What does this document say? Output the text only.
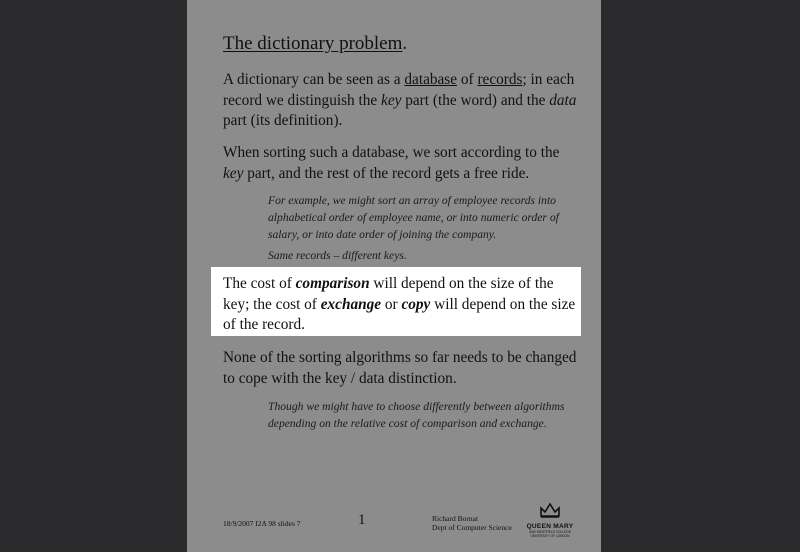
The dictionary problem.
A dictionary can be seen as a database of records; in each record we distinguish the key part (the word) and the data part (its definition).
When sorting such a database, we sort according to the key part, and the rest of the record gets a free ride.
For example, we might sort an array of employee records into alphabetical order of employee name, or into numeric order of salary, or into date order of joining the company.
Same records – different keys.
None of the sorting algorithms so far needs to be changed to cope with the key / data distinction.
Though we might have to choose differently between algorithms depending on the relative cost of comparison and exchange.
18/9/2007 I2A 98 slides 7	1	Richard Bornat
Dept of Computer Science QUEEN MARY
AND WESTFIELD COLLEGE
UNIVERSITY OF LONDON
The cost of comparison will depend on the size of the key; the cost of exchange or copy will depend on the size of the record.
